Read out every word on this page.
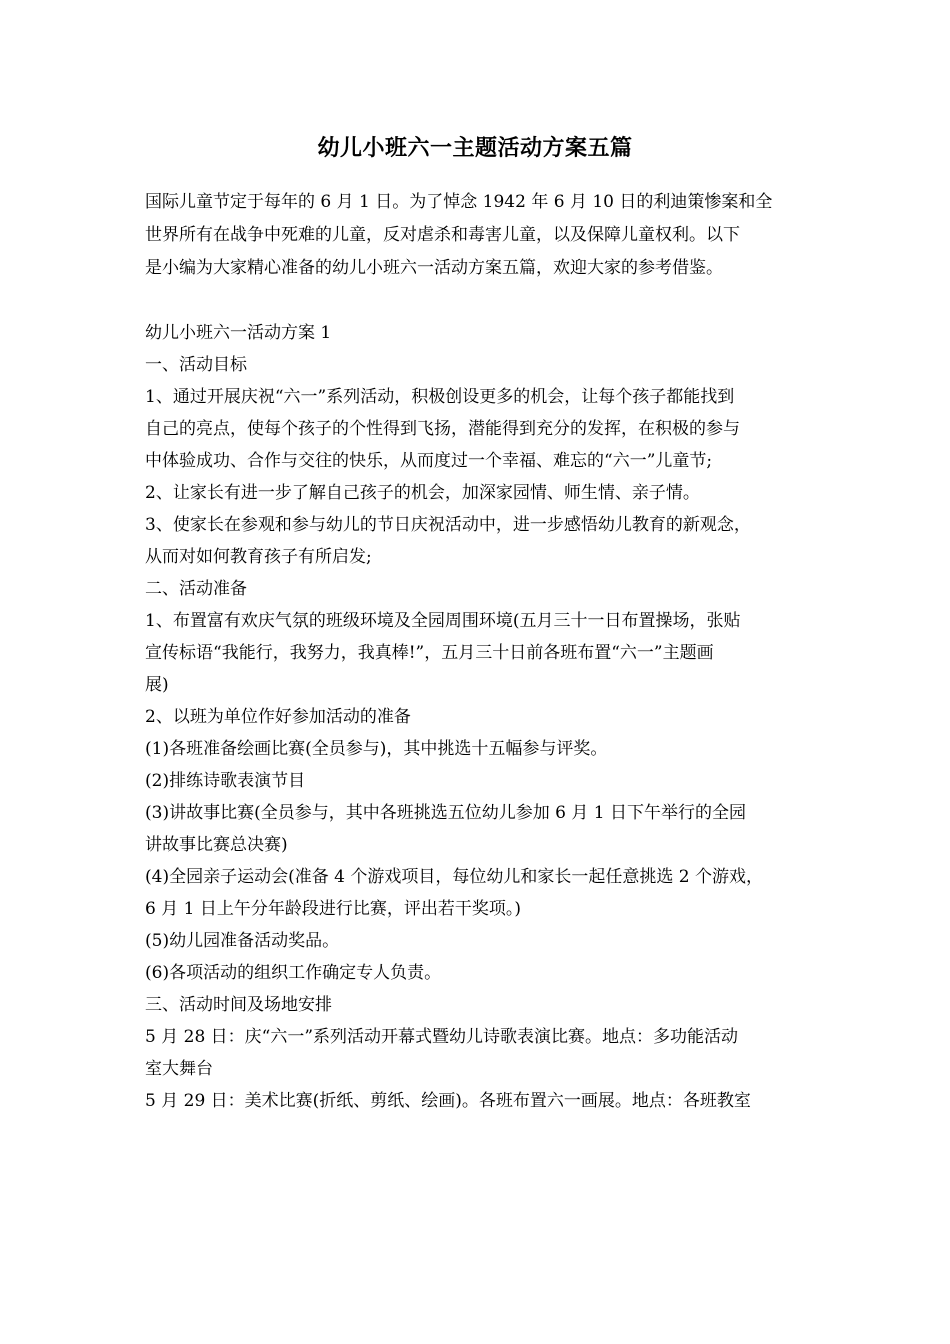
幼儿小班六一主题活动方案五篇

国际儿童节定于每年的 6 月 1 日。为了悼念 1942 年 6 月 10 日的利迪策惨案和全

世界所有在战争中死难的儿童，反对虐杀和毒害儿童，以及保障儿童权利。以下

是小编为大家精心准备的幼儿小班六一活动方案五篇，欢迎大家的参考借鉴。

幼儿小班六一活动方案 1

一、活动目标

1、通过开展庆祝“六一”系列活动，积极创设更多的机会，让每个孩子都能找到

自己的亮点，使每个孩子的个性得到飞扬，潜能得到充分的发挥，在积极的参与

中体验成功、合作与交往的快乐，从而度过一个幸福、难忘的“六一”儿童节;

2、让家长有进一步了解自己孩子的机会，加深家园情、师生情、亲子情。

3、使家长在参观和参与幼儿的节日庆祝活动中，进一步感悟幼儿教育的新观念，

从而对如何教育孩子有所启发;

二、活动准备

1、布置富有欢庆气氛的班级环境及全园周围环境(五月三十一日布置操场，张贴

宣传标语“我能行，我努力，我真棒!”，五月三十日前各班布置“六一”主题画

展)

2、以班为单位作好参加活动的准备

(1)各班准备绘画比赛(全员参与)，其中挑选十五幅参与评奖。

(2)排练诗歌表演节目

(3)讲故事比赛(全员参与，其中各班挑选五位幼儿参加 6 月 1 日下午举行的全园

讲故事比赛总决赛)

(4)全园亲子运动会(准备 4 个游戏项目，每位幼儿和家长一起任意挑选 2 个游戏，

6 月 1 日上午分年龄段进行比赛，评出若干奖项。)

(5)幼儿园准备活动奖品。

(6)各项活动的组织工作确定专人负责。

三、活动时间及场地安排

5 月 28 日：庆“六一”系列活动开幕式暨幼儿诗歌表演比赛。地点：多功能活动

室大舞台

5 月 29 日：美术比赛(折纸、剪纸、绘画)。各班布置六一画展。地点：各班教室
